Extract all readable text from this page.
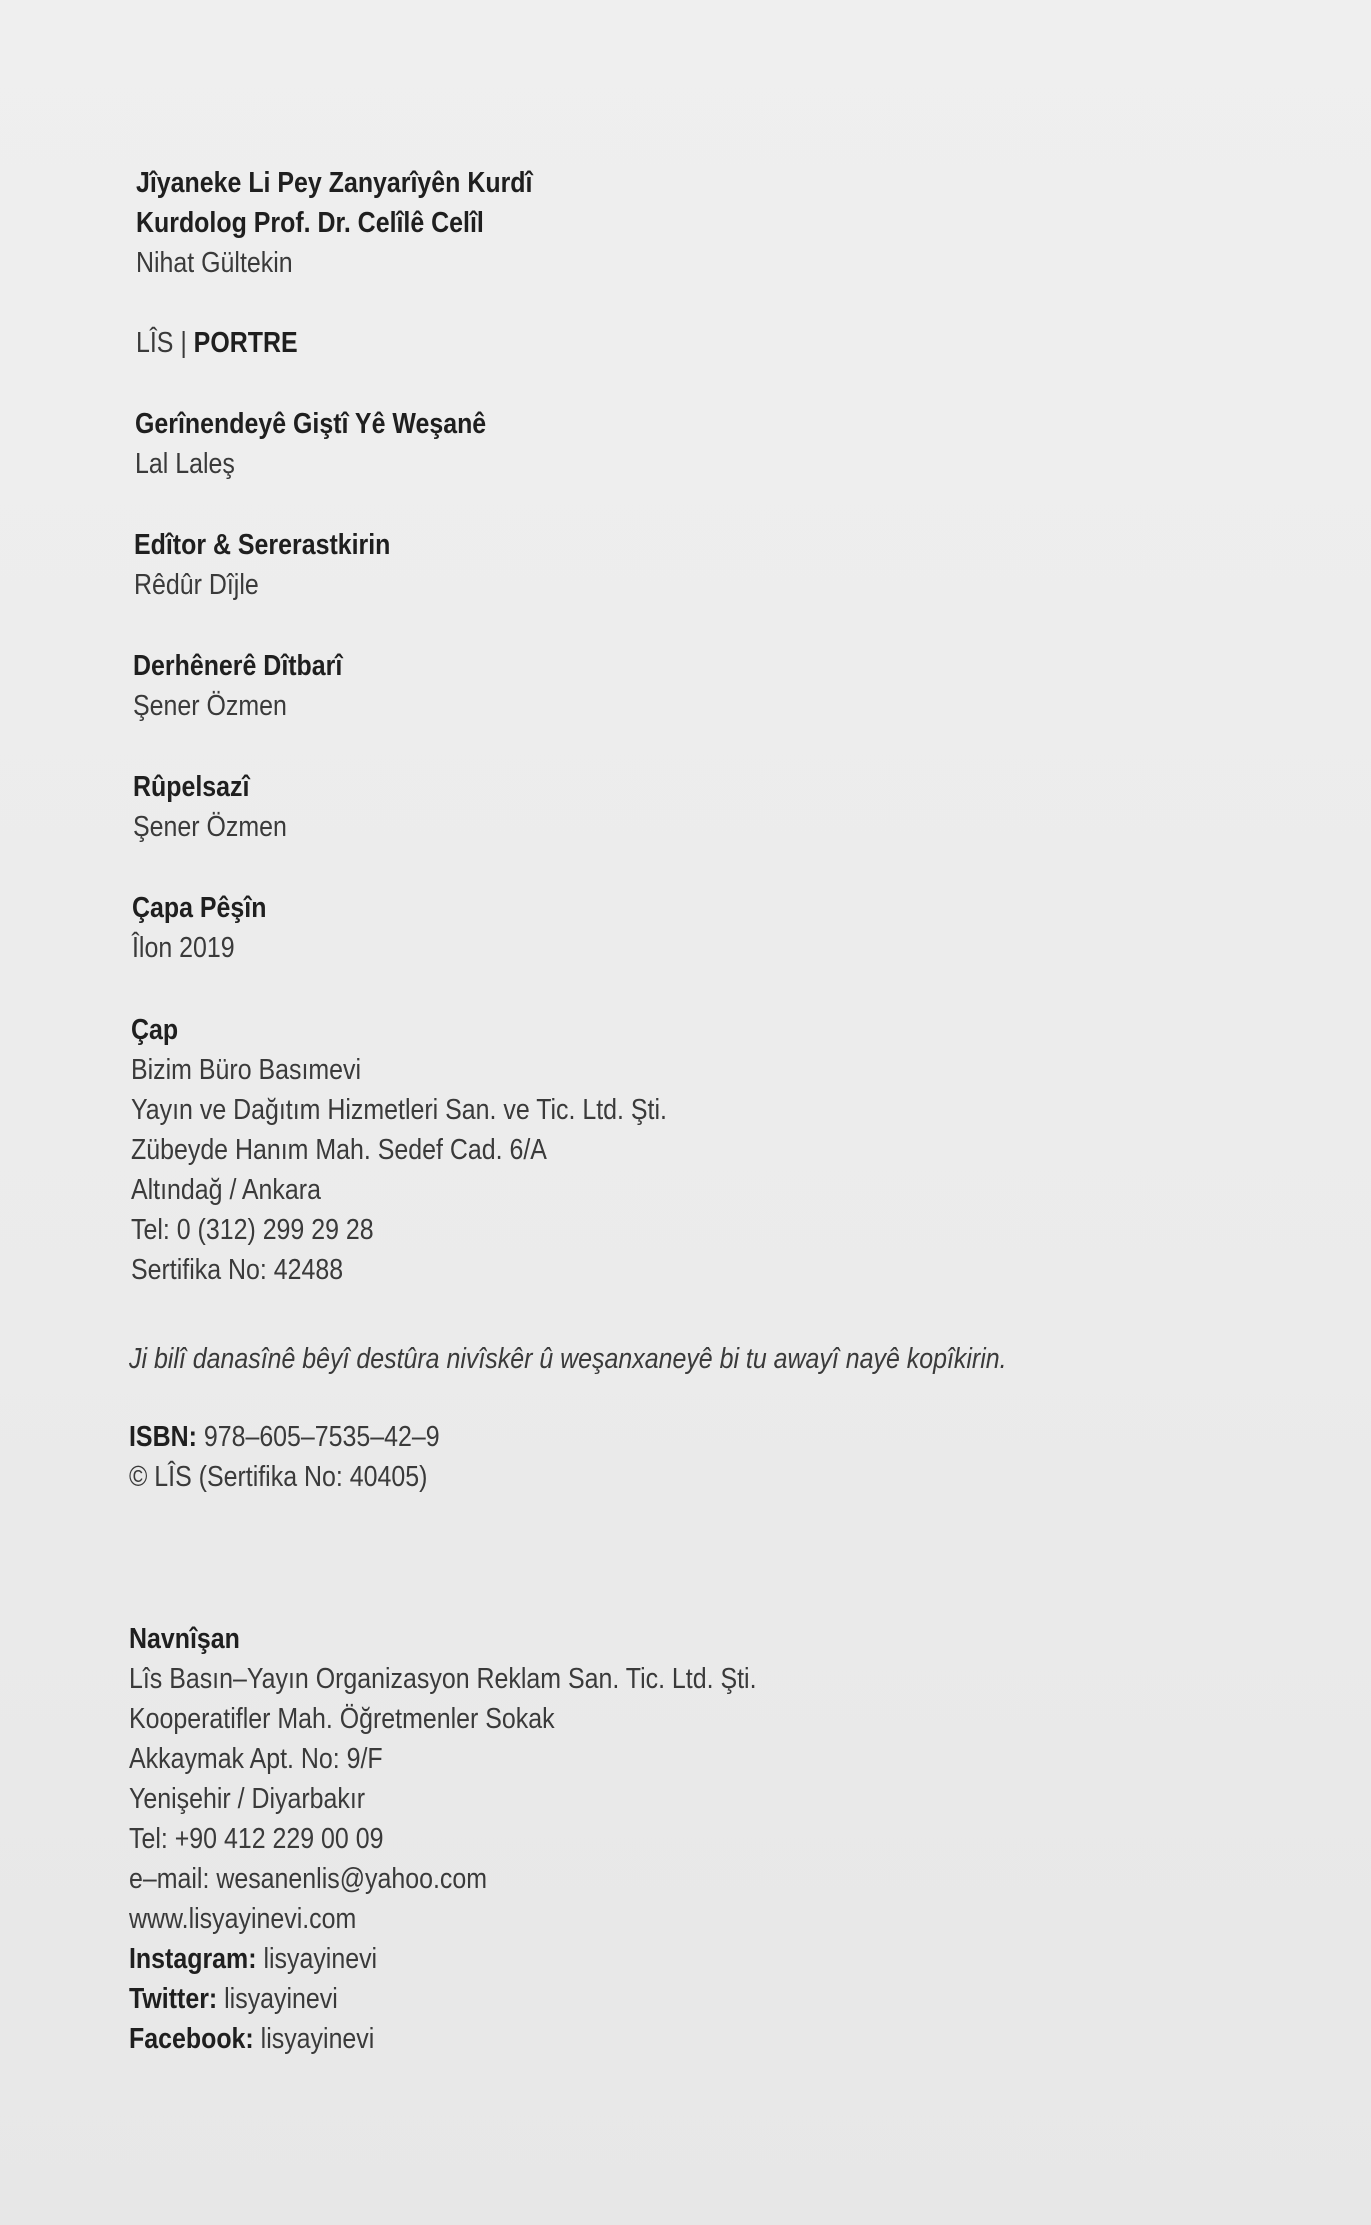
Jîyaneke Li Pey Zanyarîyên Kurdî
Kurdolog Prof. Dr. Celîlê Celîl
Nihat Gültekin
LÎS | PORTRE
Gerînendeyê Giştî Yê Weşanê
Lal Laleş
Edîtor & Sererastkirin
Rêdûr Dîjle
Derhênerê Dîtbarî
Şener Özmen
Rûpelsazî
Şener Özmen
Çapa Pêşîn
Îlon 2019
Çap
Bizim Büro Basımevi
Yayın ve Dağıtım Hizmetleri San. ve Tic. Ltd. Şti.
Zübeyde Hanım Mah. Sedef Cad. 6/A
Altındağ / Ankara
Tel: 0 (312) 299 29 28
Sertifika No: 42488
Ji bilî danasînê bêyî destûra nivîskêr û weşanxaneyê bi tu awayî nayê kopîkirin.
ISBN: 978–605–7535–42–9
© LÎS (Sertifika No: 40405)
Navnîşan
Lîs Basın–Yayın Organizasyon Reklam San. Tic. Ltd. Şti.
Kooperatifler Mah. Öğretmenler Sokak
Akkaymak Apt. No: 9/F
Yenişehir / Diyarbakır
Tel: +90 412 229 00 09
e–mail: wesanenlis@yahoo.com
www.lisyayinevi.com
Instagram: lisyayinevi
Twitter: lisyayinevi
Facebook: lisyayinevi
